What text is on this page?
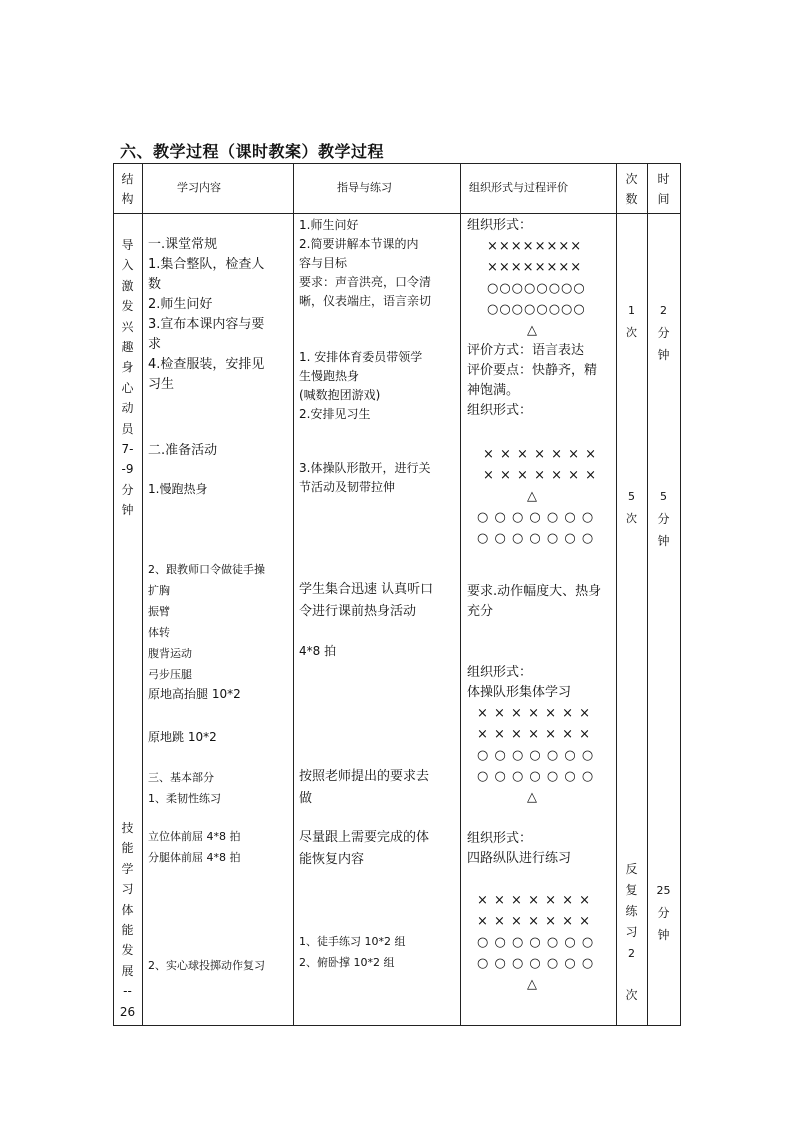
六、教学过程（课时教案）教学过程
结
构
学习内容	指导与练习	组织形式与过程评价
次
数
时
间
导
入
激
发
兴
趣
身
心
动
员
7-
-9
分
钟
技
能
学
习
体
能
发
展
--
26
一.课堂常规
1.集合整队，检查人
数
2.师生问好
3.宣布本课内容与要
求
4.检查服装，安排见
习生
二.准备活动
1.慢跑热身
2、跟教师口令做徒手操
扩胸
振臂
体转
腹背运动
弓步压腿
原地高抬腿 10*2
原地跳 10*2
三、基本部分
1、柔韧性练习
立位体前屈 4*8 拍
分腿体前屈 4*8 拍
2、实心球投掷动作复习
1.师生问好
2.简要讲解本节课的内
容与目标
要求：声音洪亮，口令清
晰，仪表端庄，语言亲切
1. 安排体育委员带领学
生慢跑热身
(喊数抱团游戏)
2.安排见习生
3.体操队形散开，进行关
节活动及韧带拉伸
学生集合迅速 认真听口
令进行课前热身活动
4*8 拍
按照老师提出的要求去
做
尽量跟上需要完成的体
能恢复内容
1、徒手练习 10*2 组
2、俯卧撑 10*2 组
组织形式：
××××××××
××××××××
○○○○○○○○
○○○○○○○○
△
评价方式：语言表达
评价要点：快静齐，精
神饱满。
组织形式：
× × × × × × ×
× × × × × × ×
△
○ ○ ○ ○ ○ ○ ○
○ ○ ○ ○ ○ ○ ○
要求.动作幅度大、热身
充分
组织形式：
体操队形集体学习
× × × × × × ×
× × × × × × ×
○ ○ ○ ○ ○ ○ ○
○ ○ ○ ○ ○ ○ ○
△
组织形式：
四路纵队进行练习
× × × × × × ×
× × × × × × ×
○ ○ ○ ○ ○ ○ ○
○ ○ ○ ○ ○ ○ ○
△
1
次
5
次
反
复
练
习
2
次
2
分
钟
5
分
钟
25
分
钟
